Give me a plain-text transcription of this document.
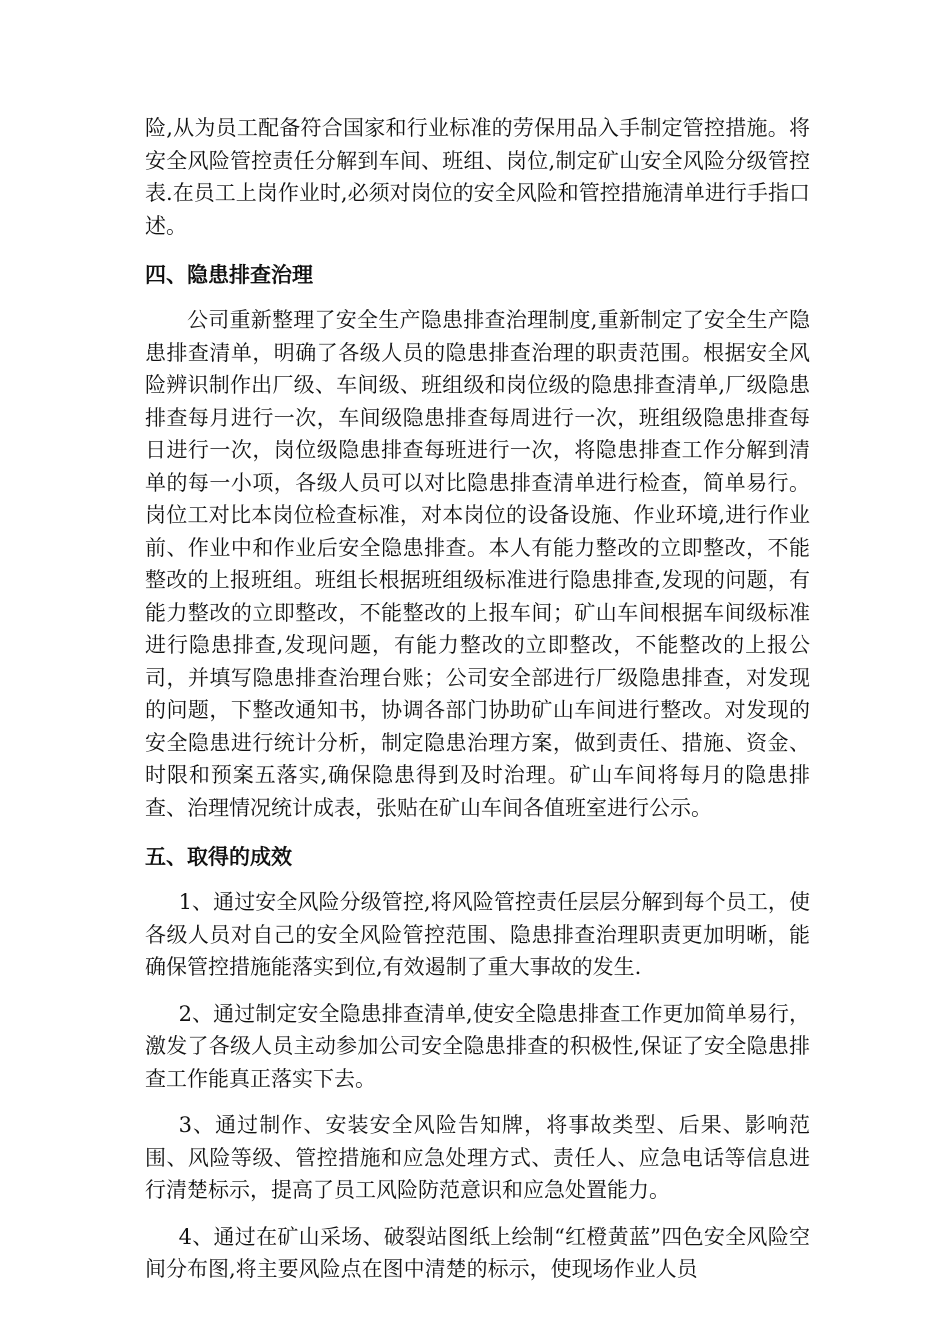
险,从为员工配备符合国家和行业标准的劳保用品入手制定管控措施。将安全风险管控责任分解到车间、班组、岗位,制定矿山安全风险分级管控表.在员工上岗作业时,必须对岗位的安全风险和管控措施清单进行手指口述。

四、隐患排查治理

公司重新整理了安全生产隐患排查治理制度,重新制定了安全生产隐患排查清单，明确了各级人员的隐患排查治理的职责范围。根据安全风险辨识制作出厂级、车间级、班组级和岗位级的隐患排查清单,厂级隐患排查每月进行一次，车间级隐患排查每周进行一次，班组级隐患排查每日进行一次，岗位级隐患排查每班进行一次，将隐患排查工作分解到清单的每一小项，各级人员可以对比隐患排查清单进行检查，简单易行。岗位工对比本岗位检查标准，对本岗位的设备设施、作业环境,进行作业前、作业中和作业后安全隐患排查。本人有能力整改的立即整改，不能整改的上报班组。班组长根据班组级标准进行隐患排查,发现的问题，有能力整改的立即整改，不能整改的上报车间；矿山车间根据车间级标准进行隐患排查,发现问题，有能力整改的立即整改，不能整改的上报公司，并填写隐患排查治理台账；公司安全部进行厂级隐患排查，对发现的问题，下整改通知书，协调各部门协助矿山车间进行整改。对发现的安全隐患进行统计分析，制定隐患治理方案，做到责任、措施、资金、时限和预案五落实,确保隐患得到及时治理。矿山车间将每月的隐患排查、治理情况统计成表，张贴在矿山车间各值班室进行公示。

五、取得的成效

1、通过安全风险分级管控,将风险管控责任层层分解到每个员工，使各级人员对自己的安全风险管控范围、隐患排查治理职责更加明晰，能确保管控措施能落实到位,有效遏制了重大事故的发生.

2、通过制定安全隐患排查清单,使安全隐患排查工作更加简单易行，激发了各级人员主动参加公司安全隐患排查的积极性,保证了安全隐患排查工作能真正落实下去。

3、通过制作、安装安全风险告知牌，将事故类型、后果、影响范围、风险等级、管控措施和应急处理方式、责任人、应急电话等信息进行清楚标示，提高了员工风险防范意识和应急处置能力。

4、通过在矿山采场、破裂站图纸上绘制“红橙黄蓝”四色安全风险空间分布图,将主要风险点在图中清楚的标示，使现场作业人员
